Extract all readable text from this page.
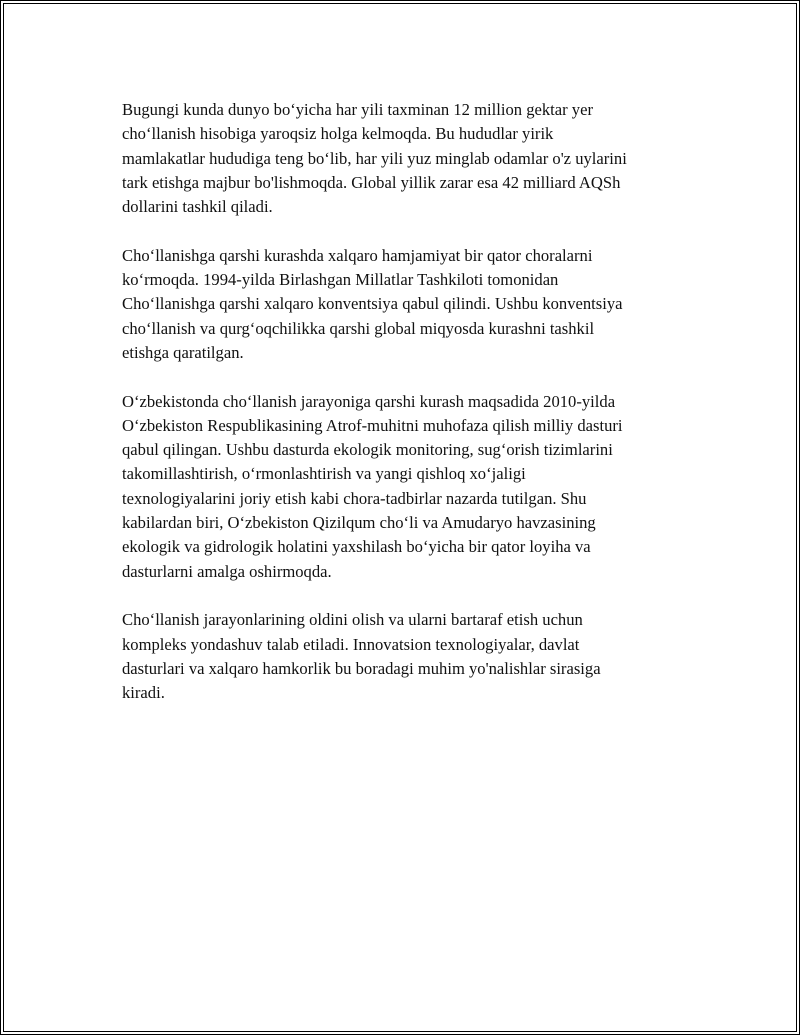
Bugungi kunda dunyo bo‘yicha har yili taxminan 12 million gektar yer
cho‘llanish hisobiga yaroqsiz holga kelmoqda. Bu hududlar yirik
mamlakatlar hududiga teng bo‘lib, har yili yuz minglab odamlar o'z uylarini
tark etishga majbur bo'lishmoqda. Global yillik zarar esa 42 milliard AQSh
dollarini tashkil qiladi.

Cho‘llanishga qarshi kurashda xalqaro hamjamiyat bir qator choralarni
ko‘rmoqda. 1994-yilda Birlashgan Millatlar Tashkiloti tomonidan
Cho‘llanishga qarshi xalqaro konventsiya qabul qilindi. Ushbu konventsiya
cho‘llanish va qurg‘oqchilikka qarshi global miqyosda kurashni tashkil
etishga qaratilgan.

O‘zbekistonda cho‘llanish jarayoniga qarshi kurash maqsadida 2010-yilda
O‘zbekiston Respublikasining Atrof-muhitni muhofaza qilish milliy dasturi
qabul qilingan. Ushbu dasturda ekologik monitoring, sug‘orish tizimlarini
takomillashtirish, o‘rmonlashtirish va yangi qishloq xo‘jaligi
texnologiyalarini joriy etish kabi chora-tadbirlar nazarda tutilgan. Shu
kabilardan biri, O‘zbekiston Qizilqum cho‘li va Amudaryo havzasining
ekologik va gidrologik holatini yaxshilash bo‘yicha bir qator loyiha va
dasturlarni amalga oshirmoqda.

Cho‘llanish jarayonlarining oldini olish va ularni bartaraf etish uchun
kompleks yondashuv talab etiladi. Innovatsion texnologiyalar, davlat
dasturlari va xalqaro hamkorlik bu boradagi muhim yo'nalishlar sirasiga
kiradi.
